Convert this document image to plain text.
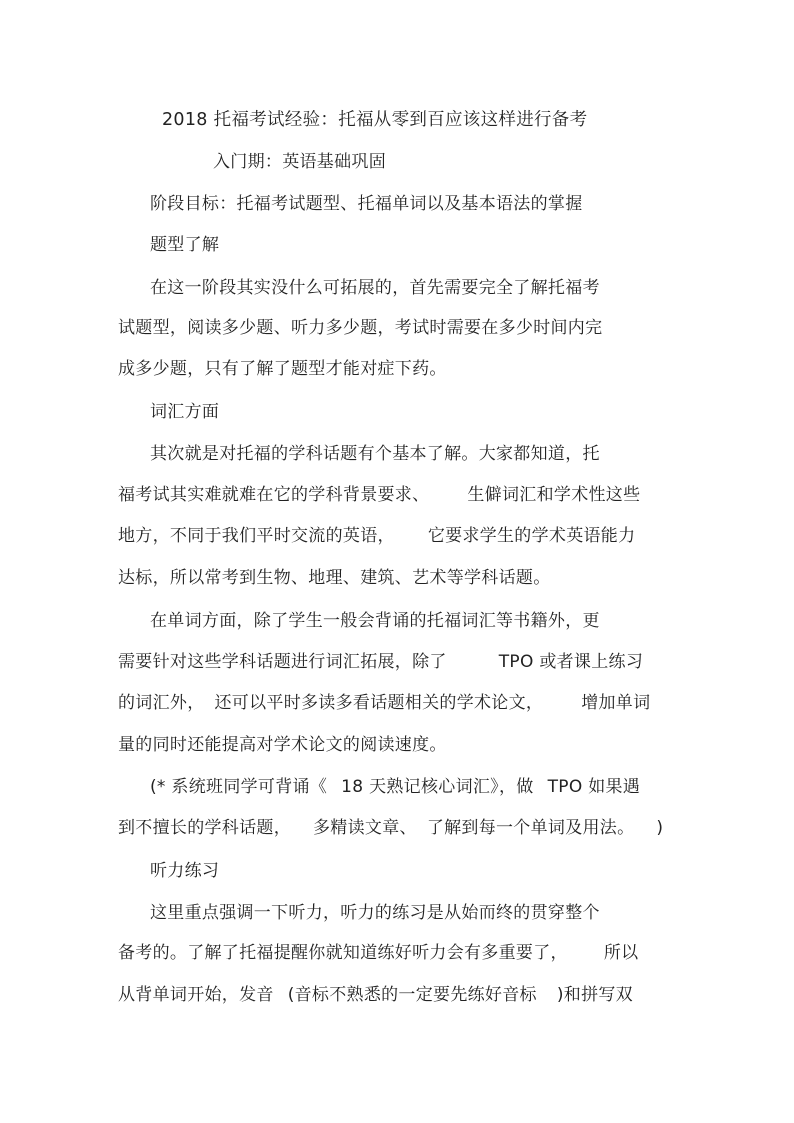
2018 托福考试经验：托福从零到百应该这样进行备考
入门期：英语基础巩固
阶段目标：托福考试题型、托福单词以及基本语法的掌握
题型了解
在这一阶段其实没什么可拓展的，首先需要完全了解托福考
试题型，阅读多少题、听力多少题，考试时需要在多少时间内完
成多少题，只有了解了题型才能对症下药。
词汇方面
其次就是对托福的学科话题有个基本了解。大家都知道，托
福考试其实难就难在它的学科背景要求、 生僻词汇和学术性这些
地方，不同于我们平时交流的英语， 它要求学生的学术英语能力
达标，所以常考到生物、地理、建筑、艺术等学科话题。
在单词方面，除了学生一般会背诵的托福词汇等书籍外，更
需要针对这些学科话题进行词汇拓展，除了	TPO 或者课上练习
的词汇外， 还可以平时多读多看话题相关的学术论文， 增加单词
量的同时还能提高对学术论文的阅读速度。
(* 系统班同学可背诵《 18 天熟记核心词汇》，做 TPO 如果遇
到不擅长的学科话题， 多精读文章、 了解到每一个单词及用法。 )
听力练习
这里重点强调一下听力，听力的练习是从始而终的贯穿整个
备考的。了解了托福提醒你就知道练好听力会有多重要了， 所以
从背单词开始，发音 (音标不熟悉的一定要先练好音标 )和拼写双
